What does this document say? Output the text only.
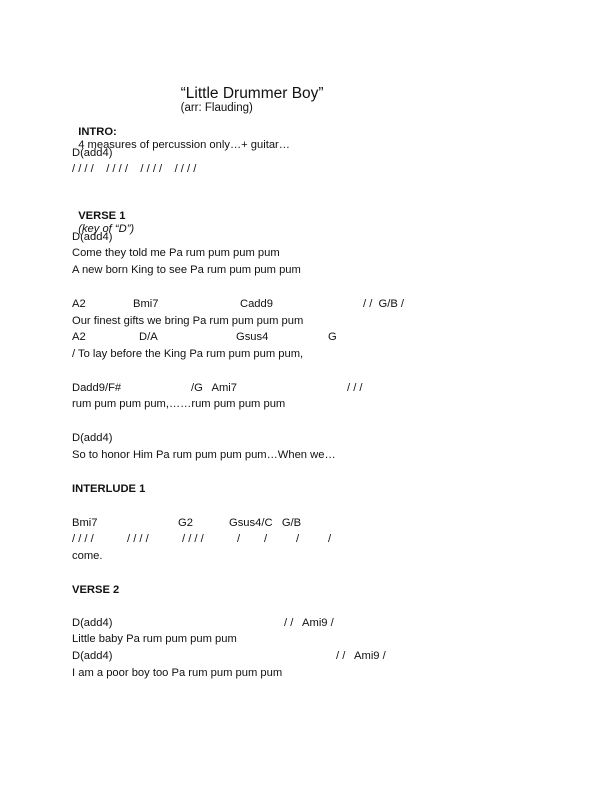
“Little Drummer Boy”
(arr: Flauding)

INTRO:
4 measures of percussion only…+ guitar…

D(add4)
/ / / /    / / / /    / / / /    / / / /

VERSE 1
(key of “D”)

D(add4)
Come they told me Pa rum pum pum pum
A new born King to see Pa rum pum pum pum
A2	Bmi7	Cadd9	/ /  G/B /
Our finest gifts we bring Pa rum pum pum pum
A2	D/A	Gsus4	G
/ To lay before the King Pa rum pum pum pum,
Dadd9/F#	/G   Ami7	/ / /
rum pum pum pum,……rum pum pum pum
D(add4)
So to honor Him Pa rum pum pum pum…When we…
INTERLUDE 1
Bmi7	G2	Gsus4/C   G/B
/ / / /	/ / / /	/ / / /	/ /	/	/
come.
VERSE 2
D(add4)	/ /   Ami9 /
Little baby Pa rum pum pum pum
D(add4)	/ /   Ami9 /
I am a poor boy too Pa rum pum pum pum
